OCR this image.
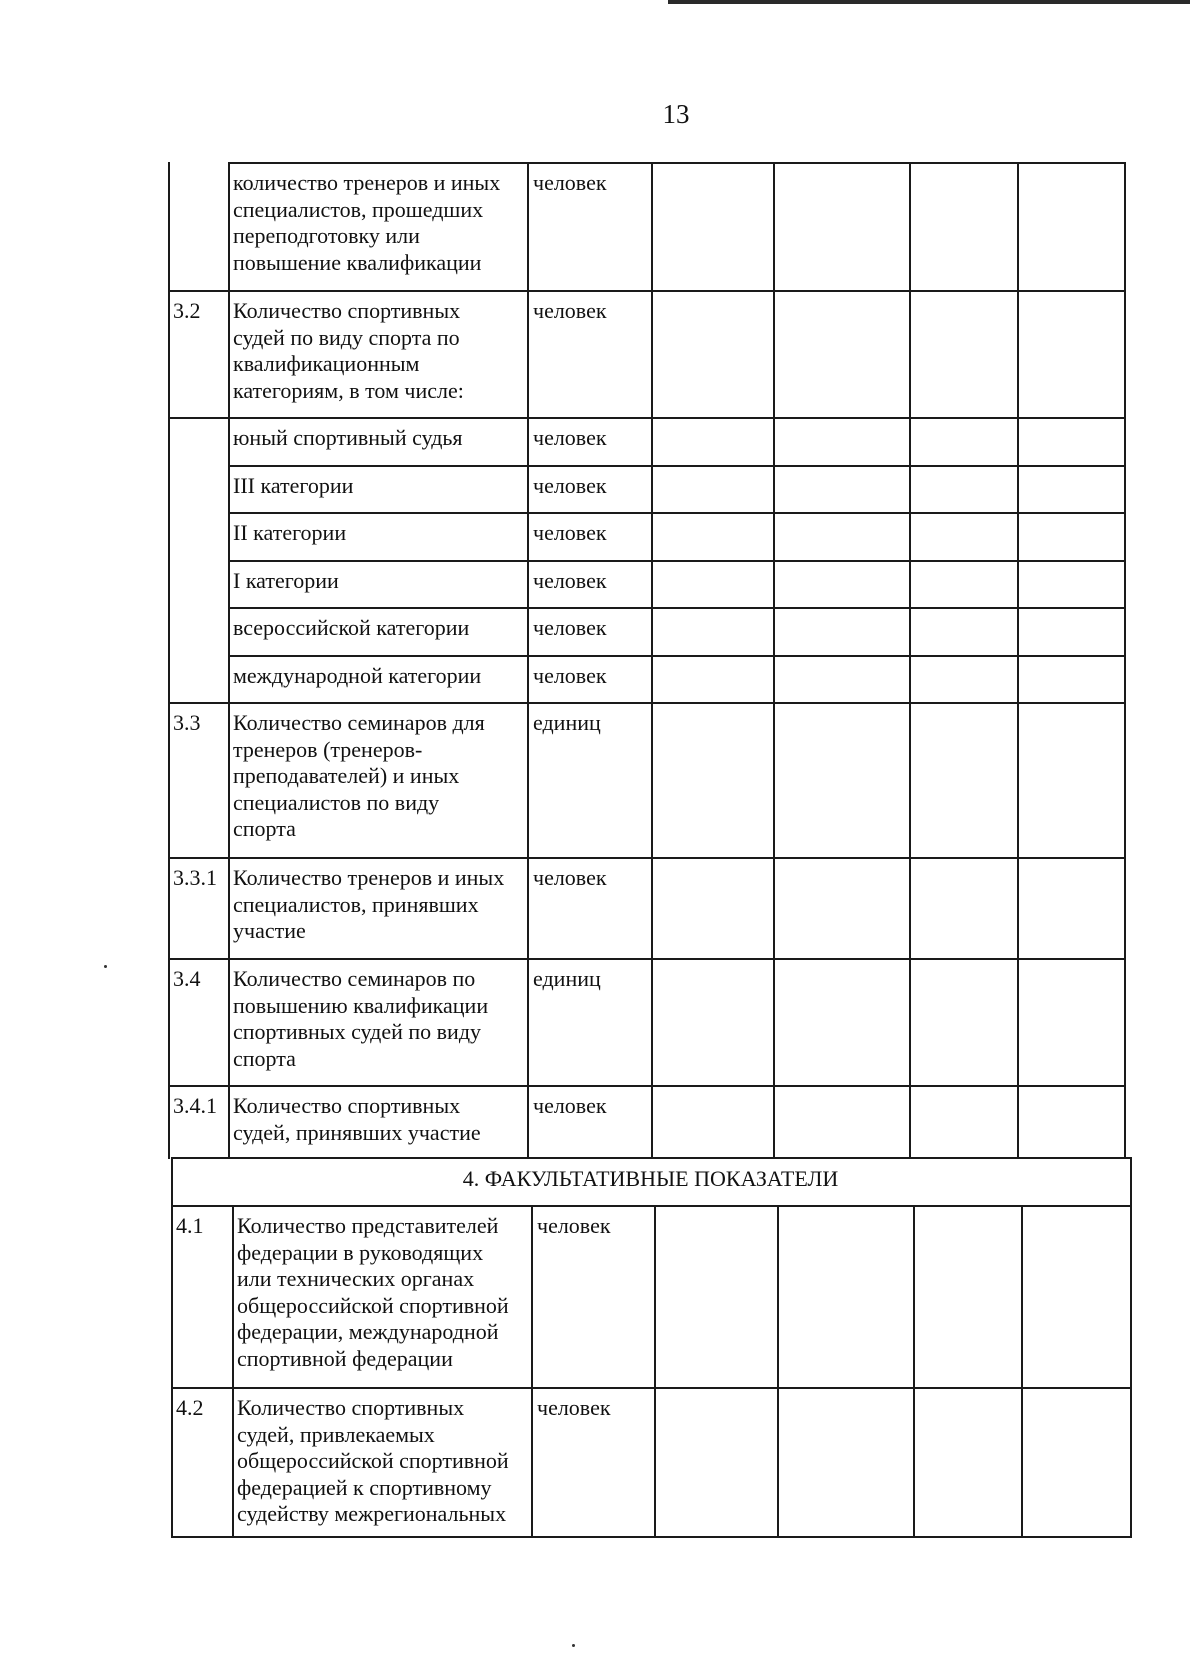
13
количество тренеров и иных
специалистов, прошедших
переподготовку или
повышение квалификации
человек
3.2	Количество спортивных
судей по виду спорта по
квалификационным
категориям, в том числе:
человек
юный спортивный судья	человек
III категории	человек
II категории	человек
I категории	человек
всероссийской категории	человек
международной категории	человек
3.3	Количество семинаров для
тренеров (тренеров-
преподавателей) и иных
специалистов по виду
спорта
единиц
3.3.1 Количество тренеров и иных
специалистов, принявших
участие
человек
3.4	Количество семинаров по
повышению квалификации
спортивных судей по виду
спорта
единиц
3.4.1 Количество спортивных
судей, принявших участие
человек
4. ФАКУЛЬТАТИВНЫЕ ПОКАЗАТЕЛИ
4.1	Количество представителей
федерации в руководящих
или технических органах
общероссийской спортивной
федерации, международной
спортивной федерации
человек
4.2	Количество спортивных
судей, привлекаемых
общероссийской спортивной
федерацией к спортивному
судейству межрегиональных
человек
